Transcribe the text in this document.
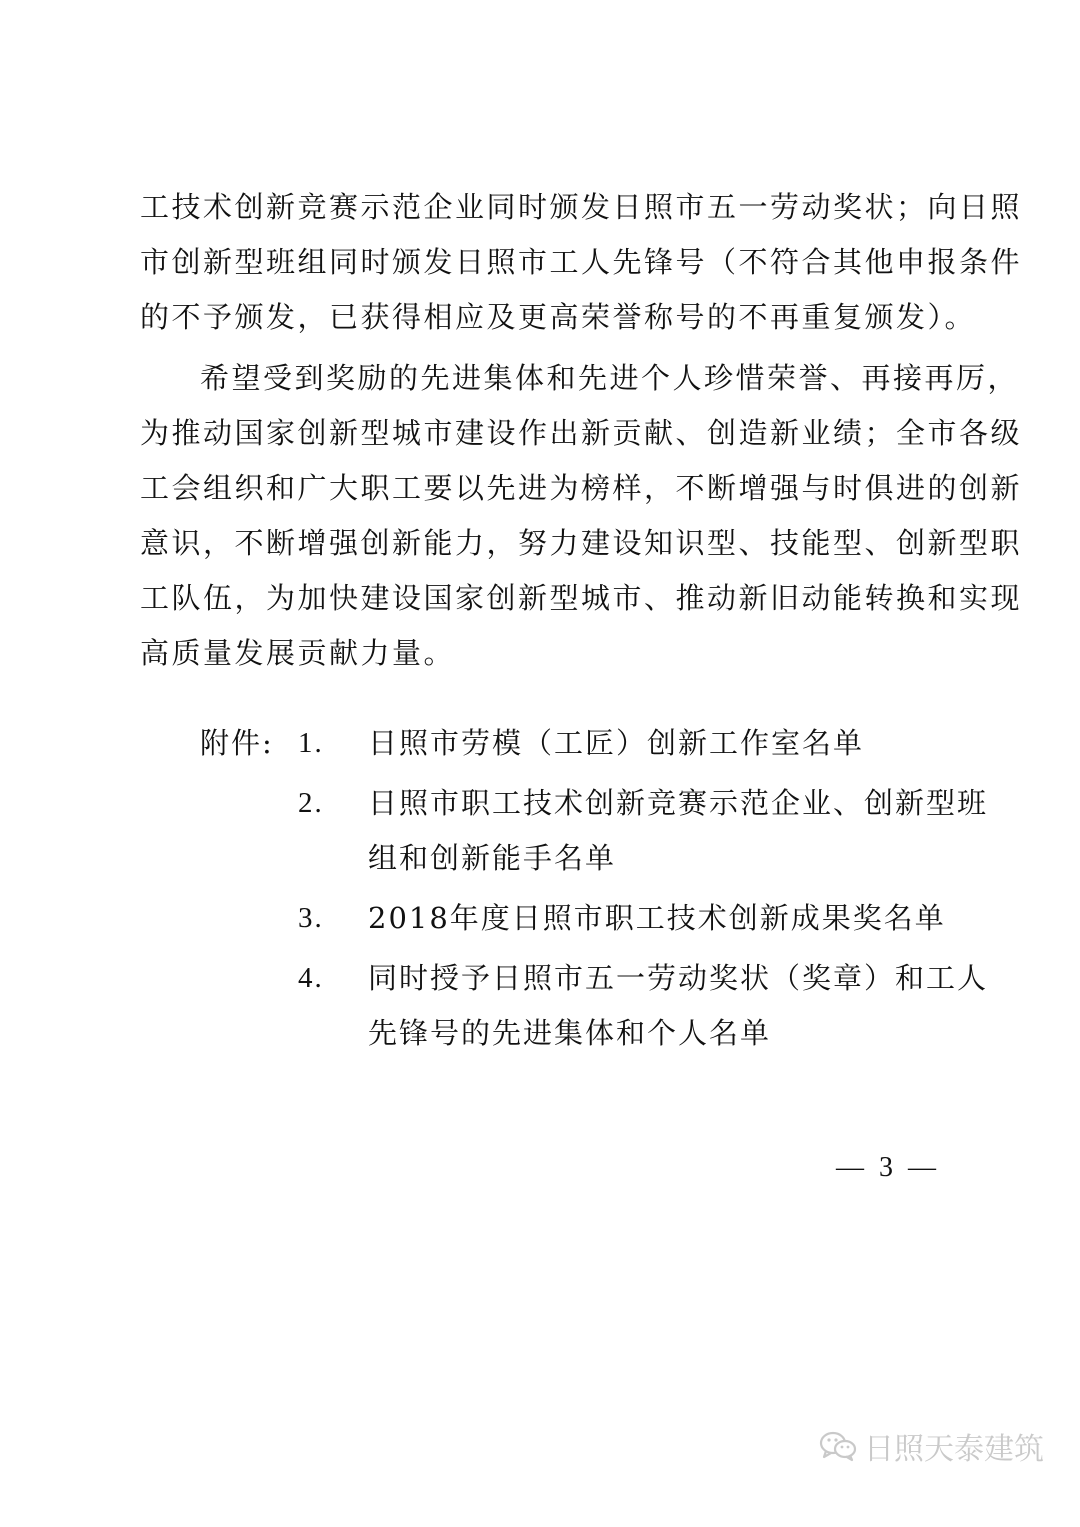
工技术创新竞赛示范企业同时颁发日照市五一劳动奖状；向日照
市创新型班组同时颁发日照市工人先锋号（不符合其他申报条件
的不予颁发，已获得相应及更高荣誉称号的不再重复颁发）。
希望受到奖励的先进集体和先进个人珍惜荣誉、再接再厉，
为推动国家创新型城市建设作出新贡献、创造新业绩；全市各级
工会组织和广大职工要以先进为榜样，不断增强与时俱进的创新
意识，不断增强创新能力，努力建设知识型、技能型、创新型职
工队伍，为加快建设国家创新型城市、推动新旧动能转换和实现
高质量发展贡献力量。
附件: 1. 日照市劳模（工匠）创新工作室名单
2. 日照市职工技术创新竞赛示范企业、创新型班
组和创新能手名单
3. 2018年度日照市职工技术创新成果奖名单
4. 同时授予日照市五一劳动奖状（奖章）和工人
先锋号的先进集体和个人名单
— 3 —
日照天泰建筑
